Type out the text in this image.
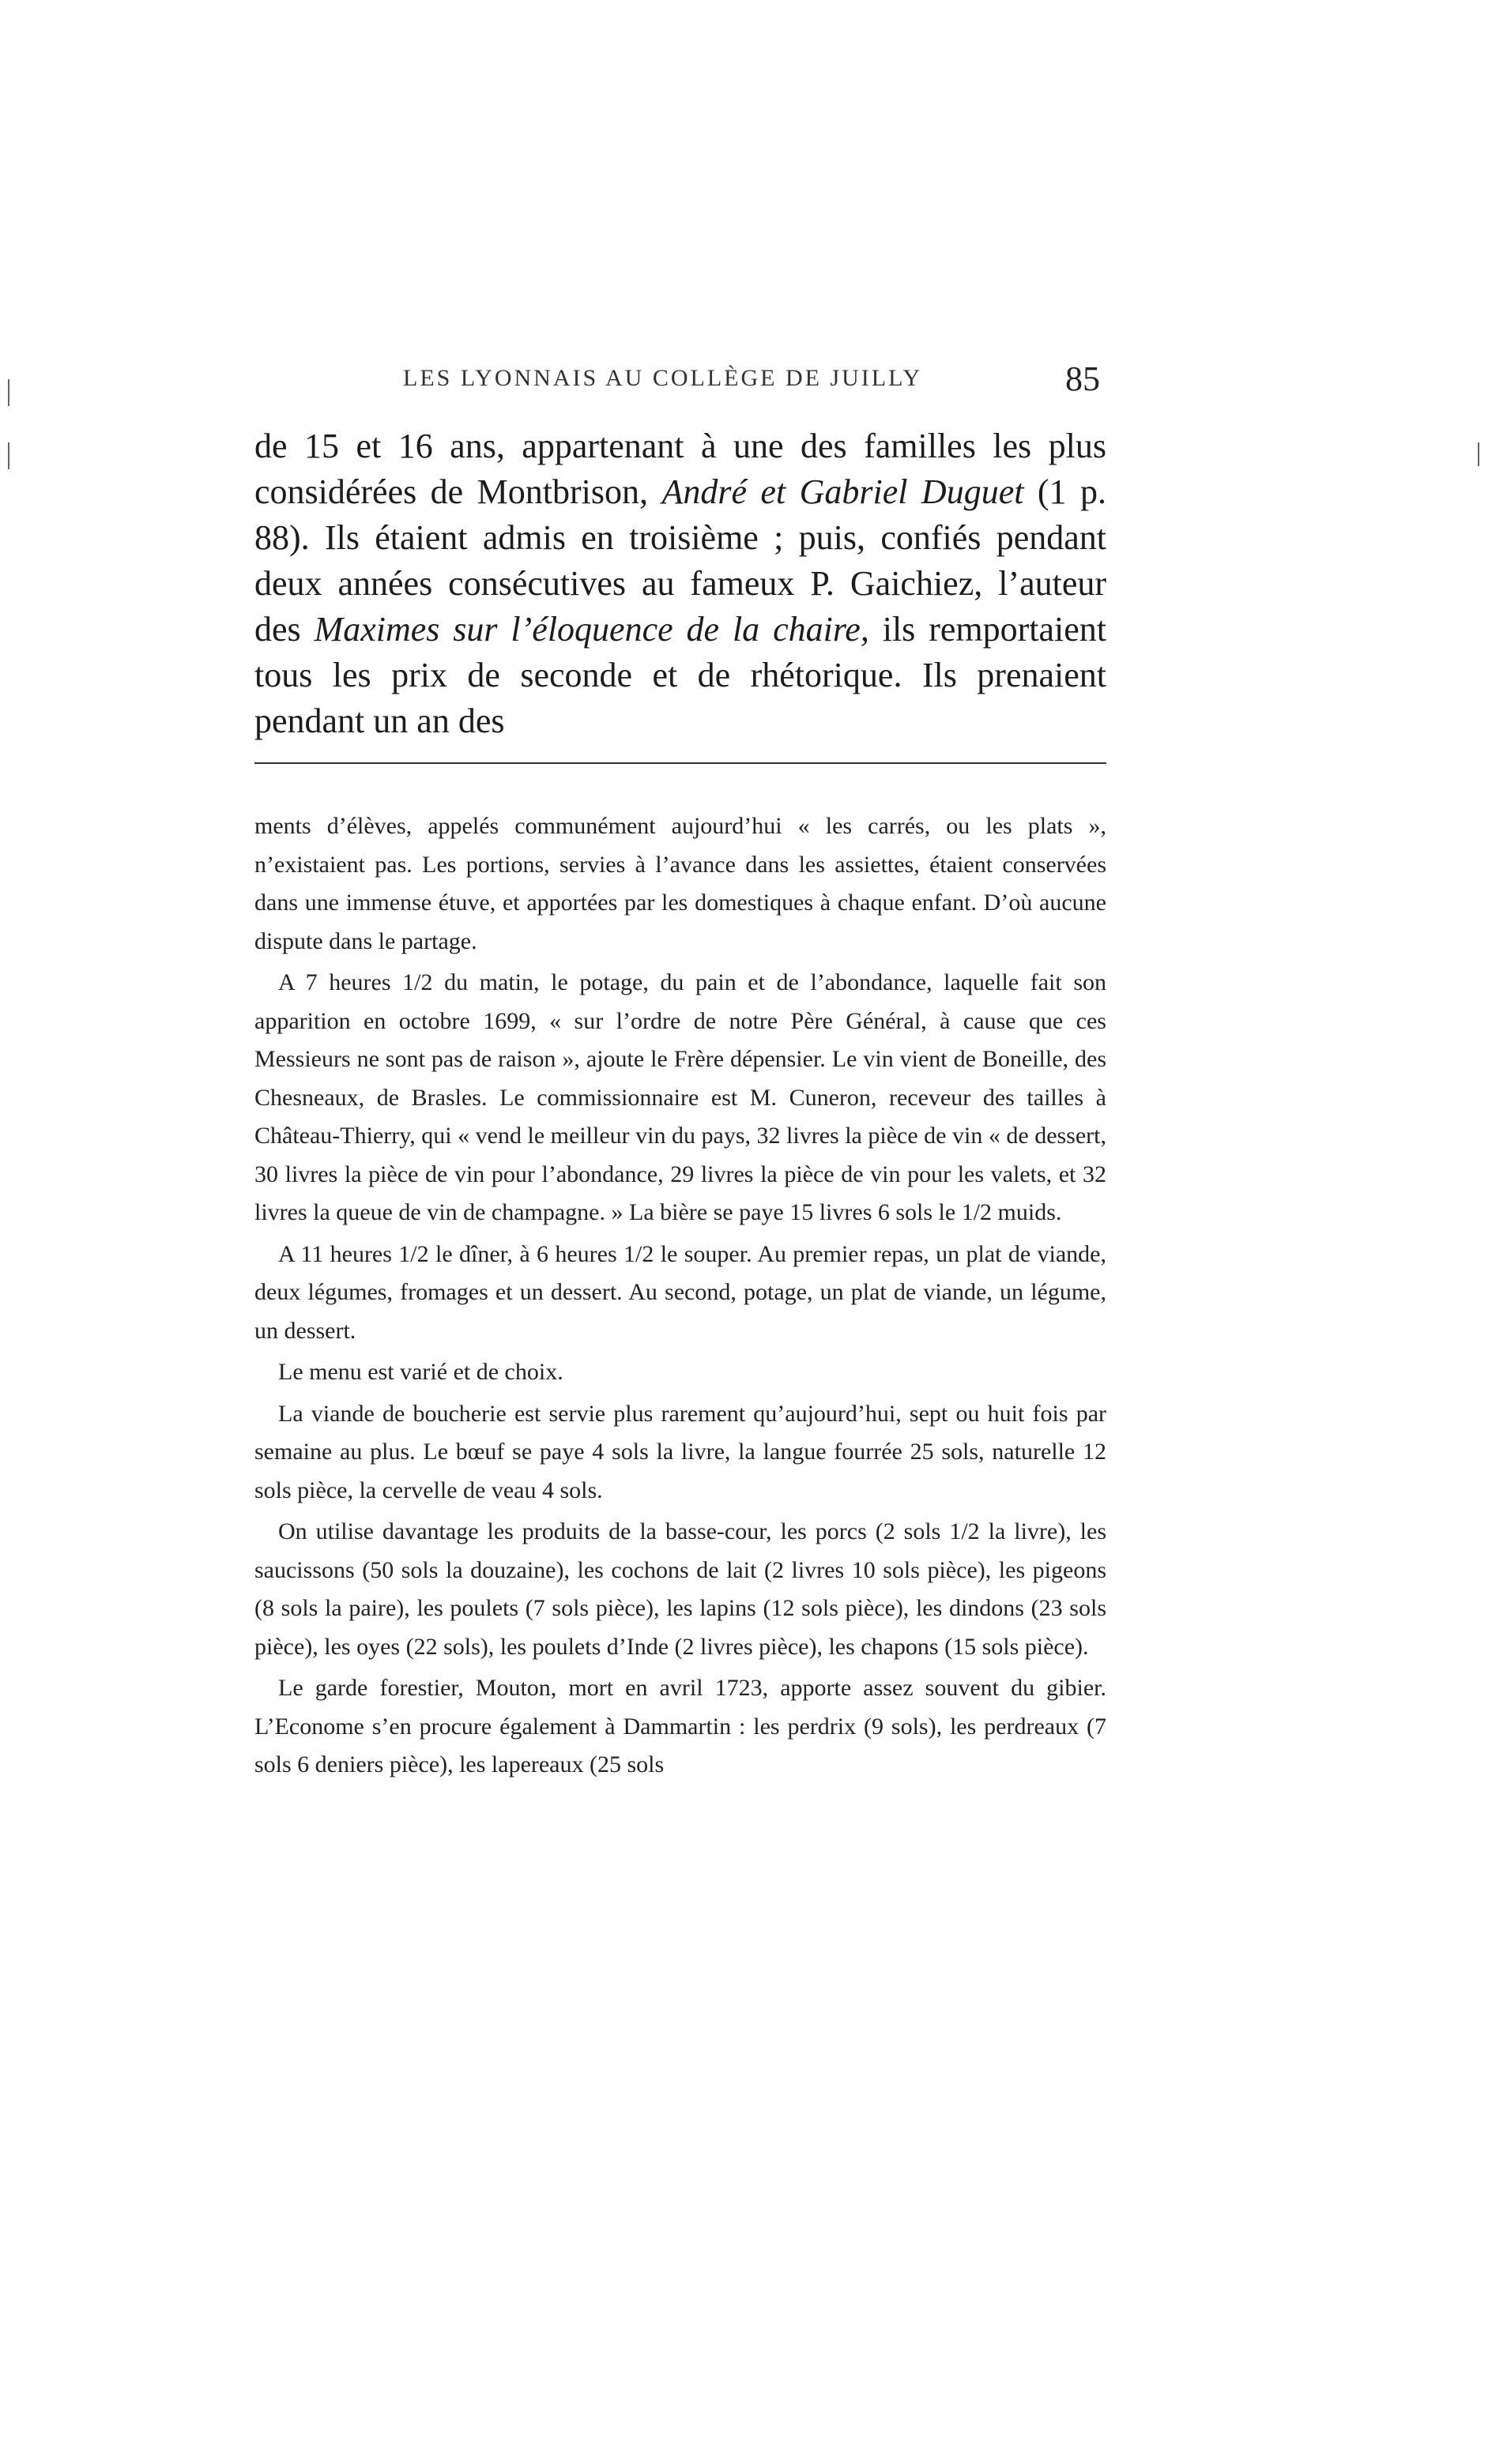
LES LYONNAIS AU COLLÈGE DE JUILLY	85

de 15 et 16 ans, appartenant à une des familles les plus considérées de Montbrison, André et Gabriel Duguet (1 p. 88). Ils étaient admis en troisième ; puis, confiés pendant deux années consécutives au fameux P. Gaichiez, l’auteur des Maximes sur l’éloquence de la chaire, ils remportaient tous les prix de seconde et de rhétorique. Ils prenaient pendant un an des

ments d’élèves, appelés communément aujourd’hui « les carrés, ou les plats », n’existaient pas. Les portions, servies à l’avance dans les assiettes, étaient conservées dans une immense étuve, et apportées par les domestiques à chaque enfant. D’où aucune dispute dans le partage.

A 7 heures 1/2 du matin, le potage, du pain et de l’abondance, laquelle fait son apparition en octobre 1699, « sur l’ordre de notre Père Général, à cause que ces Messieurs ne sont pas de raison », ajoute le Frère dépensier. Le vin vient de Boneille, des Chesneaux, de Brasles. Le commissionnaire est M. Cuneron, receveur des tailles à Château-Thierry, qui « vend le meilleur vin du pays, 32 livres la pièce de vin « de dessert, 30 livres la pièce de vin pour l’abondance, 29 livres la pièce de vin pour les valets, et 32 livres la queue de vin de champagne. » La bière se paye 15 livres 6 sols le 1/2 muids.

A 11 heures 1/2 le dîner, à 6 heures 1/2 le souper. Au premier repas, un plat de viande, deux légumes, fromages et un dessert. Au second, potage, un plat de viande, un légume, un dessert.

Le menu est varié et de choix.

La viande de boucherie est servie plus rarement qu’aujourd’hui, sept ou huit fois par semaine au plus. Le bœuf se paye 4 sols la livre, la langue fourrée 25 sols, naturelle 12 sols pièce, la cervelle de veau 4 sols.

On utilise davantage les produits de la basse-cour, les porcs (2 sols 1/2 la livre), les saucissons (50 sols la douzaine), les cochons de lait (2 livres 10 sols pièce), les pigeons (8 sols la paire), les poulets (7 sols pièce), les lapins (12 sols pièce), les dindons (23 sols pièce), les oyes (22 sols), les poulets d’Inde (2 livres pièce), les chapons (15 sols pièce).

Le garde forestier, Mouton, mort en avril 1723, apporte assez souvent du gibier. L’Econome s’en procure également à Dammartin : les perdrix (9 sols), les perdreaux (7 sols 6 deniers pièce), les lapereaux (25 sols
